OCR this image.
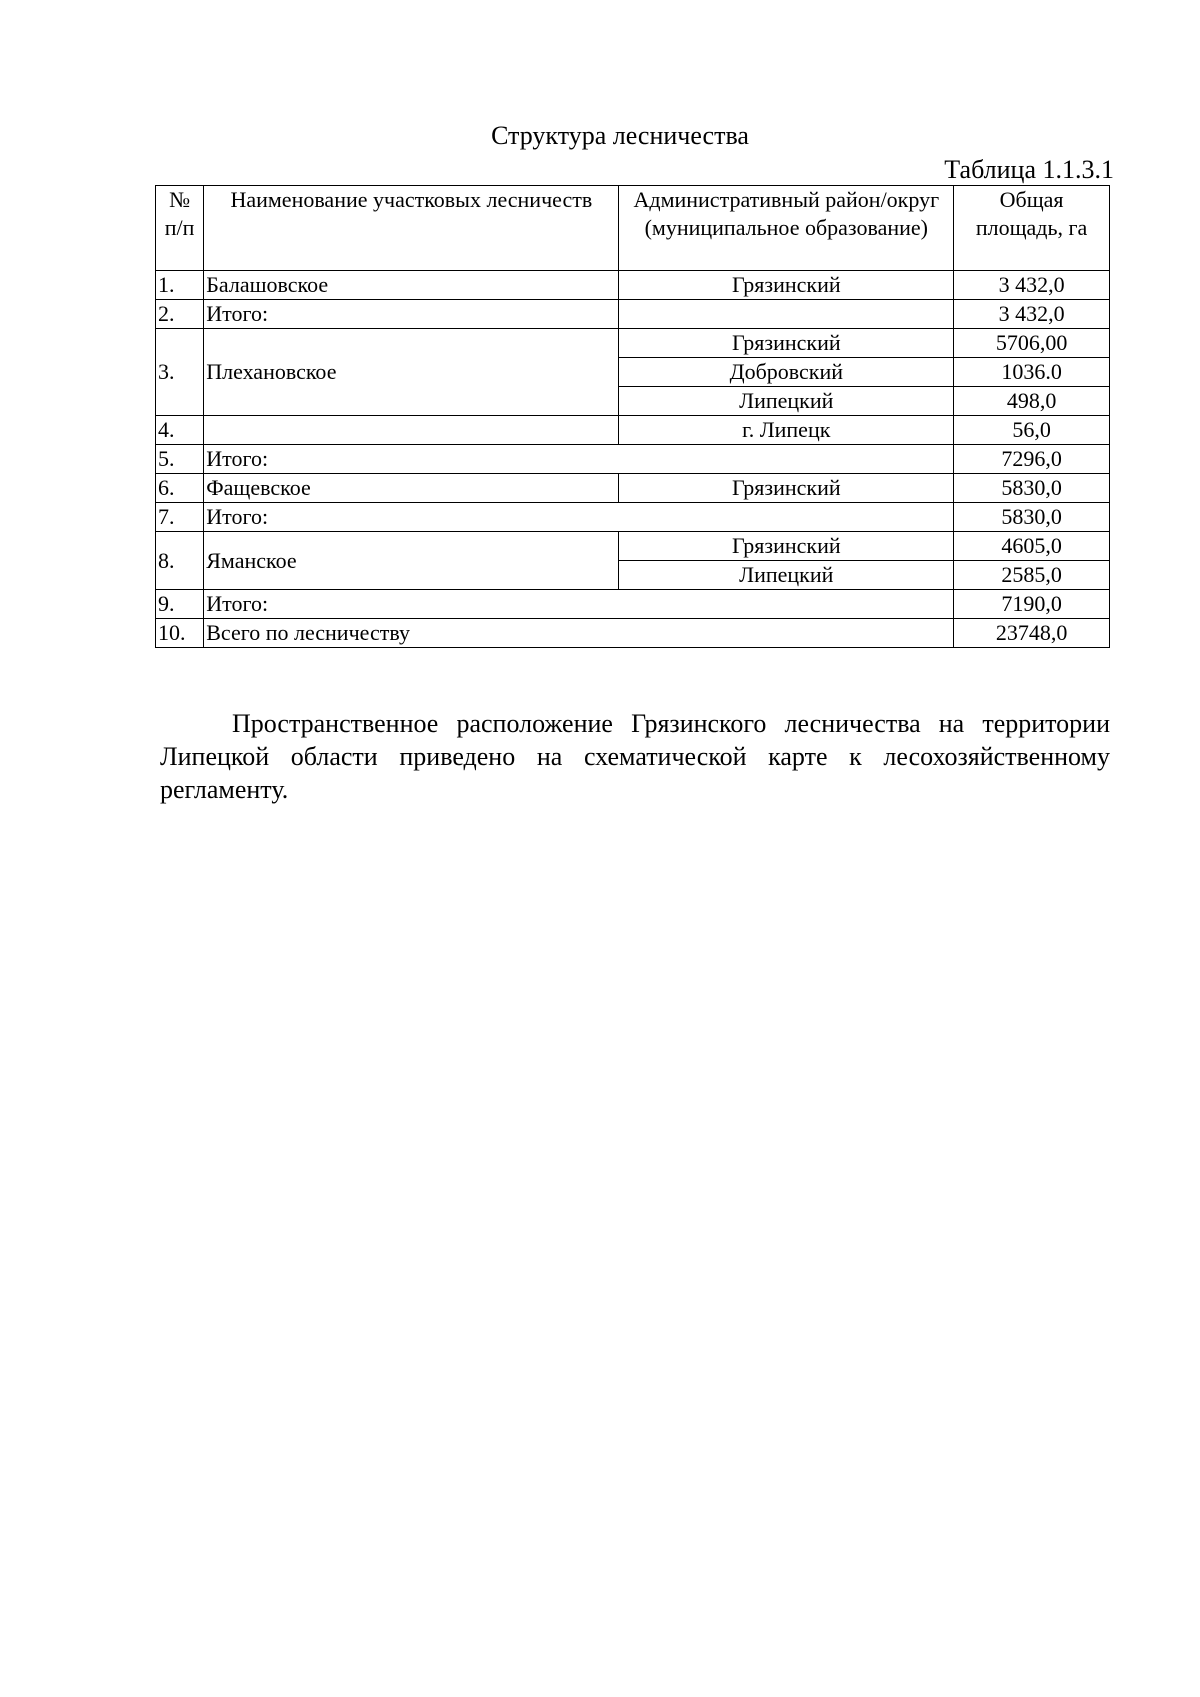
Структура лесничества
Таблица 1.1.3.1
№ п/п	Наименование участковых лесничеств	Административный район/округ (муниципальное образование)	Общая площадь, га
1.	Балашовское	Грязинский	3 432,0
2.	Итого:		3 432,0
3.	Плехановское	Грязинский	5706,00
		Добровский	1036.0
		Липецкий	498,0
4.		г. Липецк	56,0
5.	Итого:		7296,0
6.	Фащевское	Грязинский	5830,0
7.	Итого:		5830,0
8.	Яманское	Грязинский	4605,0
		Липецкий	2585,0
9.	Итого:		7190,0
10.	Всего по лесничеству		23748,0

Пространственное расположение Грязинского лесничества на территории Липецкой области приведено на схематической карте к лесохозяйственному регламенту.
